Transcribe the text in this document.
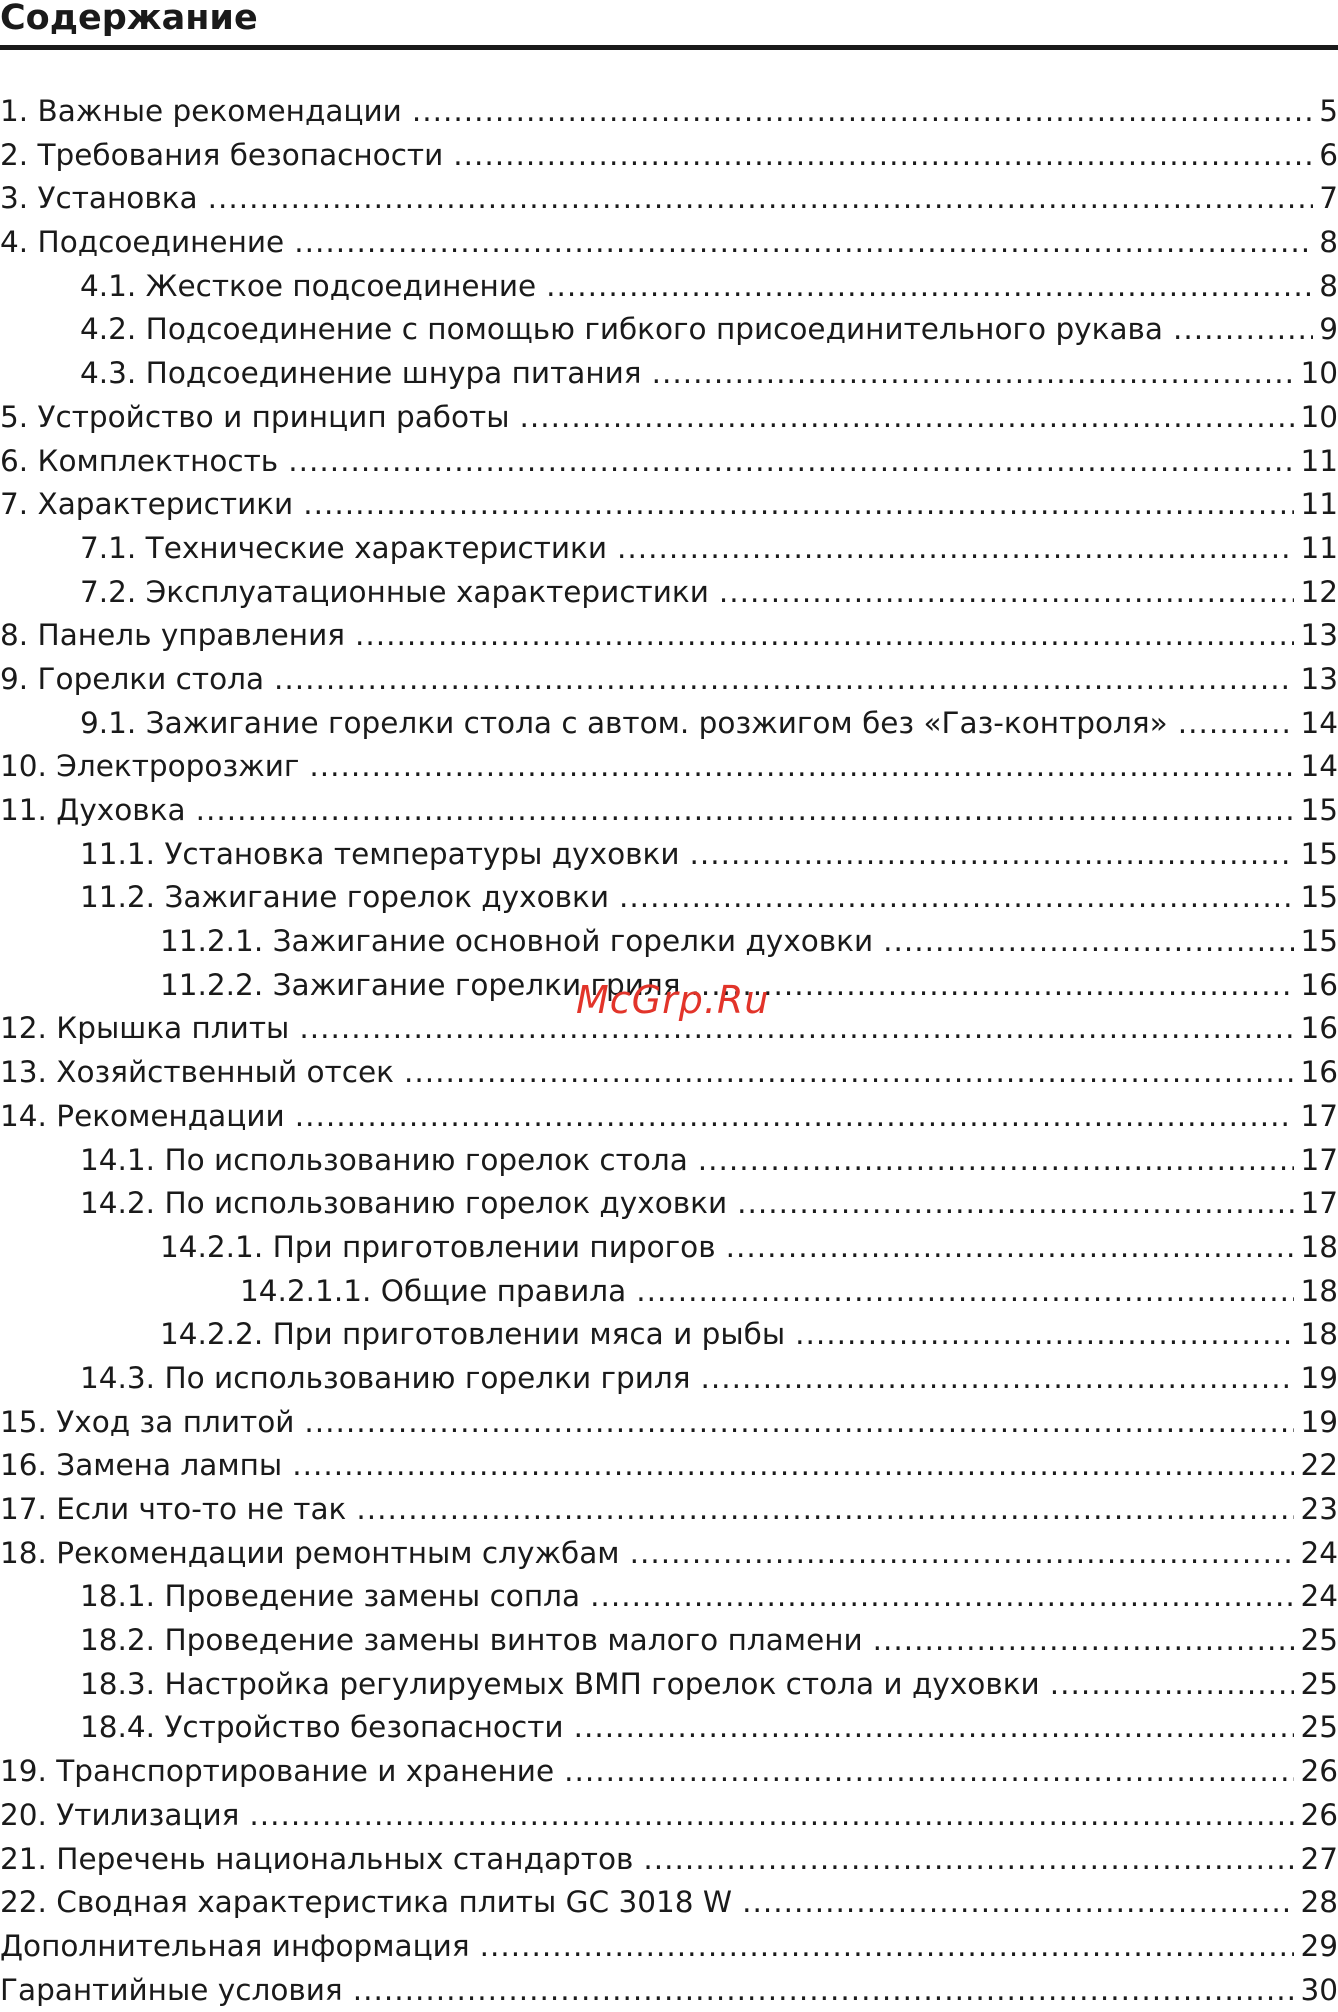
Содержание
1. Важные рекомендации .....	5
2. Требования безопасности .....	6
3. Установка .....	7
4. Подсоединение .....	8
4.1. Жесткое подсоединение .....	8
4.2. Подсоединение с помощью гибкого присоединительного рукава .....	9
4.3. Подсоединение шнура питания .....	10
5. Устройство и принцип работы .....	10
6. Комплектность .....	11
7. Характеристики .....	11
7.1. Технические характеристики .....	11
7.2. Эксплуатационные характеристики .....	12
8. Панель управления .....	13
9. Горелки стола .....	13
9.1. Зажигание горелки стола с автом. розжигом без «Газ-контроля» .....	14
10. Электророзжиг .....	14
11. Духовка .....	15
11.1. Установка температуры духовки .....	15
11.2. Зажигание горелок духовки .....	15
11.2.1. Зажигание основной горелки духовки .....	15
11.2.2. Зажигание горелки гриля .....	16
12. Крышка плиты .....	16
13. Хозяйственный отсек .....	16
14. Рекомендации .....	17
14.1. По использованию горелок стола .....	17
14.2. По использованию горелок духовки .....	17
14.2.1. При приготовлении пирогов .....	18
14.2.1.1. Общие правила .....	18
14.2.2. При приготовлении мяса и рыбы .....	18
14.3. По использованию горелки гриля .....	19
15. Уход за плитой .....	19
16. Замена лампы .....	22
17. Если что-то не так .....	23
18. Рекомендации ремонтным службам .....	24
18.1. Проведение замены сопла .....	24
18.2. Проведение замены винтов малого пламени .....	25
18.3. Настройка регулируемых ВМП горелок стола и духовки .....	25
18.4. Устройство безопасности .....	25
19. Транспортирование и хранение .....	26
20. Утилизация .....	26
21. Перечень национальных стандартов .....	27
22. Сводная характеристика плиты GC 3018 W .....	28
Дополнительная информация .....	29
Гарантийные условия .....	30
McGrp.Ru
